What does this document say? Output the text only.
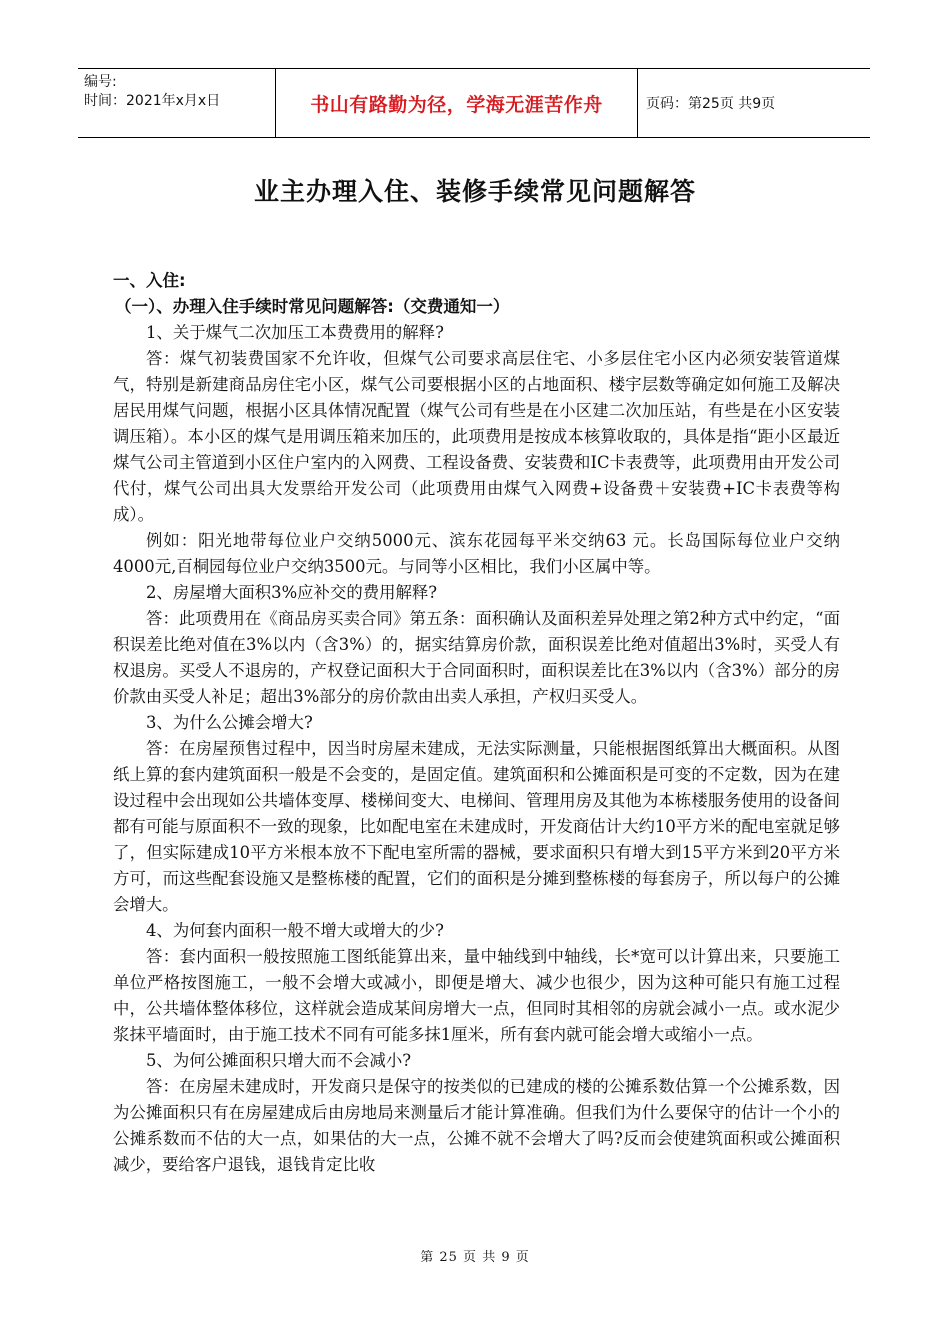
编号:
时间：2021年x月x日	书山有路勤为径，学海无涯苦作舟	页码：第25页 共9页
业主办理入住、装修手续常见问题解答

一、入住:

（一）、办理入住手续时常见问题解答:（交费通知一）

1、关于煤气二次加压工本费费用的解释?

答：煤气初装费国家不允许收，但煤气公司要求高层住宅、小多层住宅小区内必须安装管道煤气，特别是新建商品房住宅小区，煤气公司要根据小区的占地面积、楼宇层数等确定如何施工及解决居民用煤气问题，根据小区具体情况配置（煤气公司有些是在小区建二次加压站，有些是在小区安装调压箱）。本小区的煤气是用调压箱来加压的，此项费用是按成本核算收取的，具体是指“距小区最近煤气公司主管道到小区住户室内的入网费、工程设备费、安装费和IC卡表费等，此项费用由开发公司代付，煤气公司出具大发票给开发公司（此项费用由煤气入网费+设备费＋安装费+IC卡表费等构成）。

例如：阳光地带每位业户交纳5000元、滨东花园每平米交纳63 元。长岛国际每位业户交纳4000元,百桐园每位业户交纳3500元。与同等小区相比，我们小区属中等。

2、房屋增大面积3%应补交的费用解释?

答：此项费用在《商品房买卖合同》第五条：面积确认及面积差异处理之第2种方式中约定，“面积误差比绝对值在3%以内（含3%）的，据实结算房价款，面积误差比绝对值超出3%时，买受人有权退房。买受人不退房的，产权登记面积大于合同面积时，面积误差比在3%以内（含3%）部分的房价款由买受人补足；超出3%部分的房价款由出卖人承担，产权归买受人。

3、为什么公摊会增大?

答：在房屋预售过程中，因当时房屋未建成，无法实际测量，只能根据图纸算出大概面积。从图纸上算的套内建筑面积一般是不会变的，是固定值。建筑面积和公摊面积是可变的不定数，因为在建设过程中会出现如公共墙体变厚、楼梯间变大、电梯间、管理用房及其他为本栋楼服务使用的设备间都有可能与原面积不一致的现象，比如配电室在未建成时，开发商估计大约10平方米的配电室就足够了，但实际建成10平方米根本放不下配电室所需的器械，要求面积只有增大到15平方米到20平方米方可，而这些配套设施又是整栋楼的配置，它们的面积是分摊到整栋楼的每套房子，所以每户的公摊会增大。

4、为何套内面积一般不增大或增大的少?

答：套内面积一般按照施工图纸能算出来，量中轴线到中轴线，长*宽可以计算出来，只要施工单位严格按图施工，一般不会增大或减小，即便是增大、减少也很少，因为这种可能只有施工过程中，公共墙体整体移位，这样就会造成某间房增大一点，但同时其相邻的房就会减小一点。或水泥少浆抹平墙面时，由于施工技术不同有可能多抹1厘米，所有套内就可能会增大或缩小一点。

5、为何公摊面积只增大而不会减小?

答：在房屋未建成时，开发商只是保守的按类似的已建成的楼的公摊系数估算一个公摊系数，因为公摊面积只有在房屋建成后由房地局来测量后才能计算准确。但我们为什么要保守的估计一个小的公摊系数而不估的大一点，如果估的大一点，公摊不就不会增大了吗?反而会使建筑面积或公摊面积减少，要给客户退钱，退钱肯定比收

第 25 页 共 9 页
